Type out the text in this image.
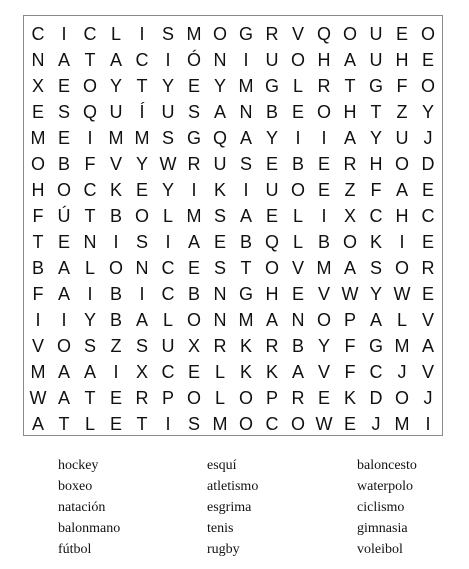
C I C L	I S M O G R V Q O U E O
N A T A C I Ó N I U O H A U H E
X E O Y T Y E Y M G L R T G F O
E S Q U Í U S A N B E O H T Z Y
M E I M M S G Q A Y I	I A Y U J
O B F V Y W R U S E B E R H O D
H O C K E Y I K I U O E Z F A E
F Ú T B O L M S A E L	I X C H C
T E N I S I A E B Q L B O K I E
B A L O N C E S T O V M A S O R
F A I B I C B N G H E V W Y W E
I	I Y B A L O N M A N O P A L V
V O S Z S U X R K R B Y F G M A
M A A I X C E L K K A V F C J V
W A T E R P O L O P R E K D O J
A T L E T I S M O C O W E J M I
hockey
boxeo
natación
balonmano
fútbol
esquí
atletismo
esgrima
tenis
rugby
baloncesto
waterpolo
ciclismo
gimnasia
voleibol
